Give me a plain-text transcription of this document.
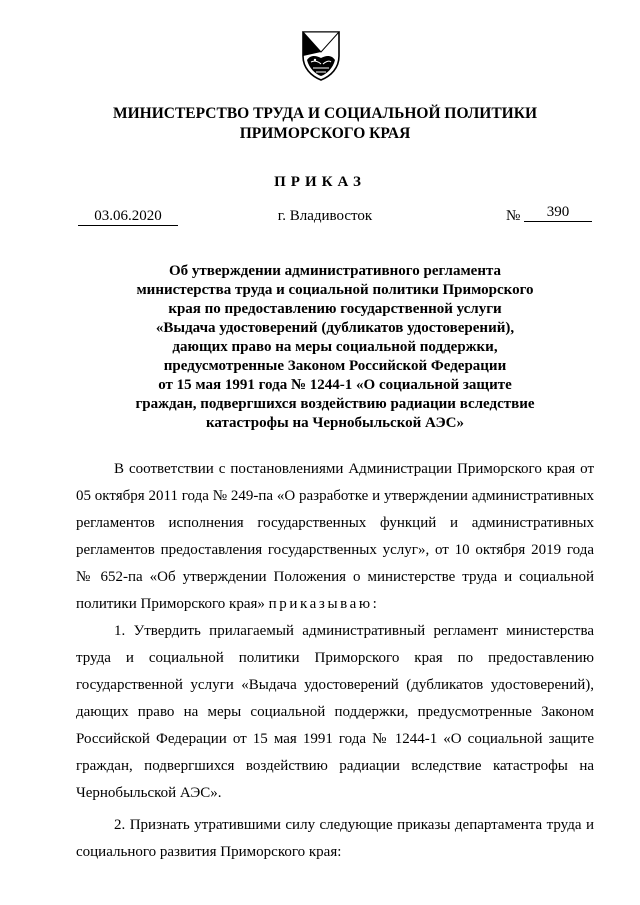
МИНИСТЕРСТВО ТРУДА И СОЦИАЛЬНОЙ ПОЛИТИКИ
ПРИМОРСКОГО КРАЯ
ПРИКАЗ
03.06.2020	г. Владивосток	№	390
Об утверждении административного регламента
министерства труда и социальной политики Приморского
края по предоставлению государственной услуги
«Выдача удостоверений (дубликатов удостоверений),
дающих право на меры социальной поддержки,
предусмотренные Законом Российской Федерации
от 15 мая 1991 года № 1244-1 «О социальной защите
граждан, подвергшихся воздействию радиации вследствие
катастрофы на Чернобыльской АЭС»

В соответствии с постановлениями Администрации Приморского края от 05 октября 2011 года № 249-па «О разработке и утверждении административных регламентов исполнения государственных функций и административных регламентов предоставления государственных услуг», от 10 октября 2019 года № 652-па «Об утверждении Положения о министерстве труда и социальной политики Приморского края» приказываю:

1. Утвердить прилагаемый административный регламент министерства труда и социальной политики Приморского края по предоставлению государственной услуги «Выдача удостоверений (дубликатов удостоверений), дающих право на меры социальной поддержки, предусмотренные Законом Российской Федерации от 15 мая 1991 года № 1244-1 «О социальной защите граждан, подвергшихся воздействию радиации вследствие катастрофы на Чернобыльской АЭС».

2. Признать утратившими силу следующие приказы департамента труда и социального развития Приморского края:
